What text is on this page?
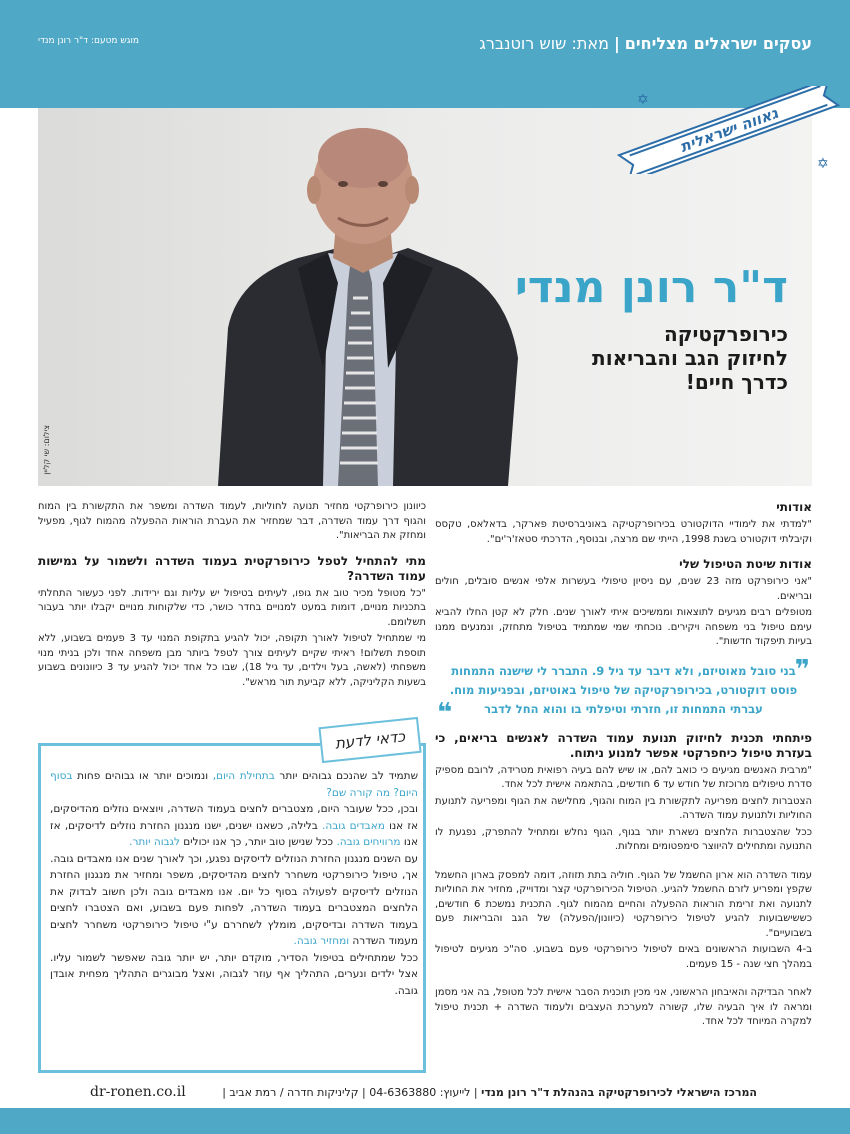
עסקים ישראלים מצליחים|מאת: שוש רוטנברג
מוגש מטעם: ד"ר רונן מנדי
צילום: שי קליין
גאווה ישראלית
✡
✡
ד"ר רונן מנדי
כירופרקטיקה
לחיזוק הגב והבריאות
כדרך חיים!
אודותי

"למדתי את לימודיי הדוקטורט בכירופרקטיקה באוניברסיטת פארקר, בדאלאס, טקסס וקיבלתי דוקטורט בשנת 1998, הייתי שם מרצה, ובנוסף, הדרכתי סטאז'ר'ים".

אודות שיטת הטיפול שלי

"אני כירופרקט מזה 23 שנים, עם ניסיון טיפולי בעשרות אלפי אנשים סובלים, חולים ובריאים.

מטופלים רבים מגיעים לתוצאות וממשיכים איתי לאורך שנים. חלק לא קטן החלו להביא עימם טיפול בני משפחה ויקירים. נוכחתי שמי שמתמיד בטיפול מתחזק, ונמנעים ממנו בעיות תיפקוד חדשות".

❞
בני סובל מאוטיזם, ולא דיבר עד גיל 9. התברר לי שישנה התמחות פוסט דוקטורט, בכירופרקטיקה של טיפול באוטיזם, ובפגיעות מוח. עברתי התמחות זו, חזרתי וטיפלתי בו והוא החל לדבר
❝
פיתחתי תכנית לחיזוק תנועת עמוד השדרה לאנשים בריאים, כי בעזרת טיפול כיחפרקטי אפשר למנוע ניתוח.

"מרבית האנשים מגיעים כי כואב להם, או שיש להם בעיה רפואית מטרידה, לרובם מספיק סדרת טיפולים מרוכזת של חודש עד 6 חודשים, בהתאמה אישית לכל אחד.

הצטברות לחצים מפריעה לתקשורת בין המוח והגוף, מחלישה את הגוף ומפריעה לתנועת החוליות ולתנועת עמוד השדרה.

ככל שהצטברות הלחצים נשארת יותר בגוף, הגוף נחלש ומתחיל להתפרק, נפגעת לו התנועה ומתחילים להיווצר סימפטומים ומחלות.

עמוד השדרה הוא ארון החשמל של הגוף. חוליה בתת תזוזה, דומה למפסק בארון החשמל שקפץ ומפריע לזרם החשמל להגיע. הטיפול הכירופרקטי קצר ומדוייק, מחזיר את החוליות לתנועה ואת זרימת הוראות ההפעלה והחיים מהמוח לגוף. התכנית נמשכת 6 חודשים, כששישבועות להגיע לטיפול כירופרקטי (כיוונון/הפעלה) של הגב והבריאות פעם בשבועיים".

ב-4 השבועות הראשונים באים לטיפול כירופרקטי פעם בשבוע. סה"כ מגיעים לטיפול במהלך חצי שנה - 15 פעמים.

לאחר הבדיקה והאיבחון הראשוני, אני מכין תוכנית הסבר אישית לכל מטופל, בה אני מסמן ומראה לו איך הבעיה שלו, קשורה למערכת העצבים ולעמוד השדרה + תכנית טיפול למקרה המיוחד לכל אחד.

כיוונון כירופרקטי מחזיר תנועה לחוליות, לעמוד השדרה ומשפר את התקשורת בין המוח והגוף דרך עמוד השדרה, דבר שמחזיר את העברת הוראות ההפעלה מהמוח לגוף, מפעיל ומחזק את הבריאות".

מתי להתחיל לטפל כירופרקטית בעמוד השדרה ולשמור על גמישות עמוד השדרה?

"כל מטופל מכיר טוב את גופו, לעיתים בטיפול יש עליות וגם ירידות. לפני כעשור התחלתי בתכניות מנויים, דומות במעט למנויים בחדר כושר, כדי שלקוחות מנויים יקבלו יותר בעבור תשלומם.

מי שמתחיל לטיפול לאורך תקופה, יכול להגיע בתקופת המנוי עד 3 פעמים בשבוע, ללא תוספת תשלום! ראיתי שקיים לעיתים צורך לטפל ביותר מבן משפחה אחד ולכן בניתי מנוי משפחתי (לאשה, בעל וילדים, עד גיל 18), שבו כל אחד יכול להגיע עד 3 כיוונונים בשבוע בשעות הקליניקה, ללא קביעת תור מראש".

כדאי לדעת

שתמיד לב שהנכם גבוהים יותר בתחילת היום, ונמוכים יותר או גבוהים פחות בסוף היום? מה קורה שם?

ובכן, ככל שעובר היום, מצטברים לחצים בעמוד השדרה, ויוצאים נוזלים מהדיסקים, אז אנו מאבדים גובה. בלילה, כשאנו ישנים, ישנו מנגנון החזרת נוזלים לדיסקים, אז אנו מרוויחים גובה. ככל שנישן טוב יותר, כך אנו יכולים לגבוה יותר.

עם השנים מנגנון החזרת הנוזלים לדיסקים נפגע, וכך לאורך שנים אנו מאבדים גובה.

אך, טיפול כירופרקטי משחרר לחצים מהדיסקים, משפר ומחזיר את מנגנון החזרת הנוזלים לדיסקים לפעולה בסוף כל יום. אנו מאבדים גובה ולכן חשוב לבדוק את הלחצים המצטברים בעמוד השדרה, לפחות פעם בשבוע, ואם הצטברו לחצים בעמוד השדרה ובדיסקים, מומלץ לשחררם ע"י טיפול כירופרקטי משחרר לחצים מעמוד השדרה ומחזיר גובה.

ככל שמתחילים בטיפול הסדיר, מוקדם יותר, יש יותר גובה שאפשר לשמור עליו. אצל ילדים ונערים, התהליך אף עוזר לגבוה, ואצל מבוגרים התהליך מפחית אובדן גובה.

המרכז הישראלי לכירופרקטיקה בהנהלת ד"ר רונן מנדי | לייעוץ: 04-6363880 | קליניקות חדרה / רמת אביב |
dr-ronen.co.il
